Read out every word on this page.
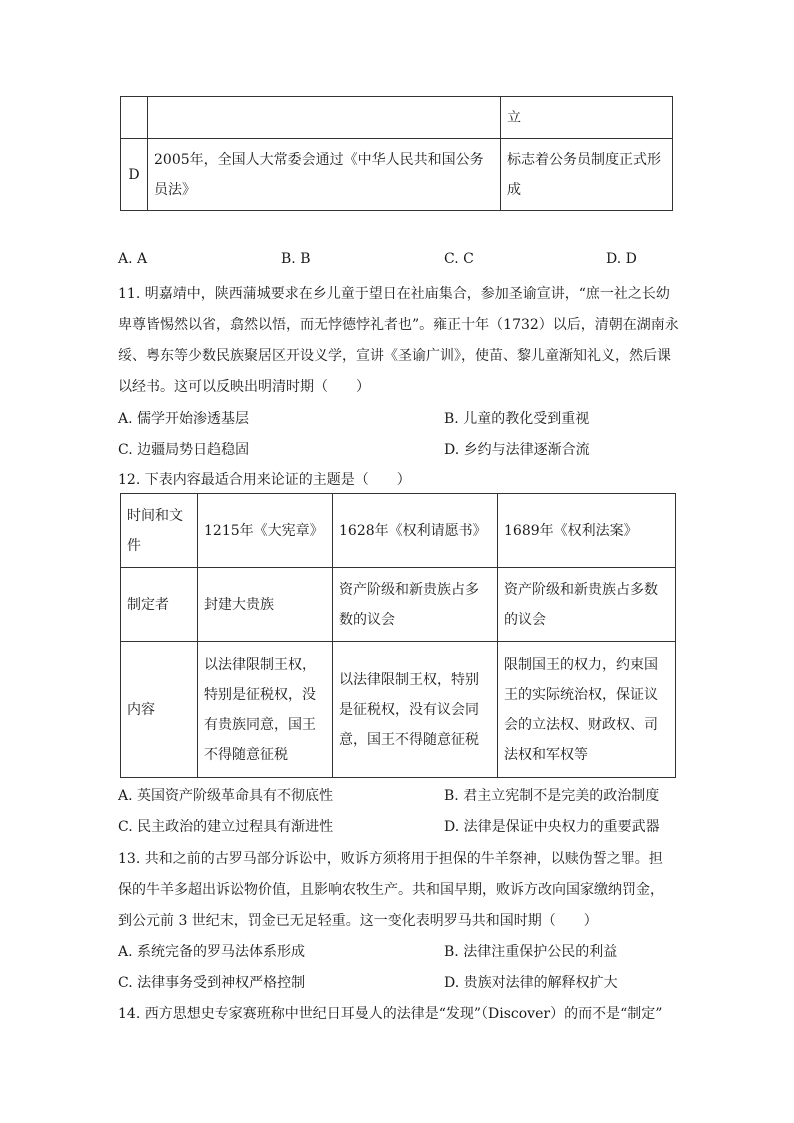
		立
D	2005年，全国人大常委会通过《中华人民共和国公务员法》	标志着公务员制度正式形成
A. A	B. B	C. C	D. D
11. 明嘉靖中，陕西蒲城要求在乡儿童于望日在社庙集合，参加圣谕宣讲，“庶一社之长幼
卑尊皆惕然以省，翕然以悟，而无悖德悖礼者也”。雍正十年（1732）以后，清朝在湖南永
绥、粤东等少数民族聚居区开设义学，宣讲《圣谕广训》，使苗、黎儿童渐知礼义，然后课
以经书。这可以反映出明清时期（　　）
A. 儒学开始渗透基层	B. 儿童的教化受到重视
C. 边疆局势日趋稳固	D. 乡约与法律逐渐合流
12. 下表内容最适合用来论证的主题是（　　）
时间和文件	1215年《大宪章》	1628年《权利请愿书》	1689年《权利法案》
制定者	封建大贵族	资产阶级和新贵族占多数的议会	资产阶级和新贵族占多数的议会
内容	以法律限制王权，特别是征税权，没有贵族同意，国王不得随意征税	以法律限制王权，特别是征税权，没有议会同意，国王不得随意征税	限制国王的权力，约束国王的实际统治权，保证议会的立法权、财政权、司法权和军权等
A. 英国资产阶级革命具有不彻底性	B. 君主立宪制不是完美的政治制度
C. 民主政治的建立过程具有渐进性	D. 法律是保证中央权力的重要武器
13. 共和之前的古罗马部分诉讼中，败诉方须将用于担保的牛羊祭神，以赎伪誓之罪。担
保的牛羊多超出诉讼物价值，且影响农牧生产。共和国早期，败诉方改向国家缴纳罚金，
到公元前 3 世纪末，罚金已无足轻重。这一变化表明罗马共和国时期（　　）
A. 系统完备的罗马法体系形成	B. 法律注重保护公民的利益
C. 法律事务受到神权严格控制	D. 贵族对法律的解释权扩大
14. 西方思想史专家赛班称中世纪日耳曼人的法律是“发现”（Discover）的而不是“制定”
